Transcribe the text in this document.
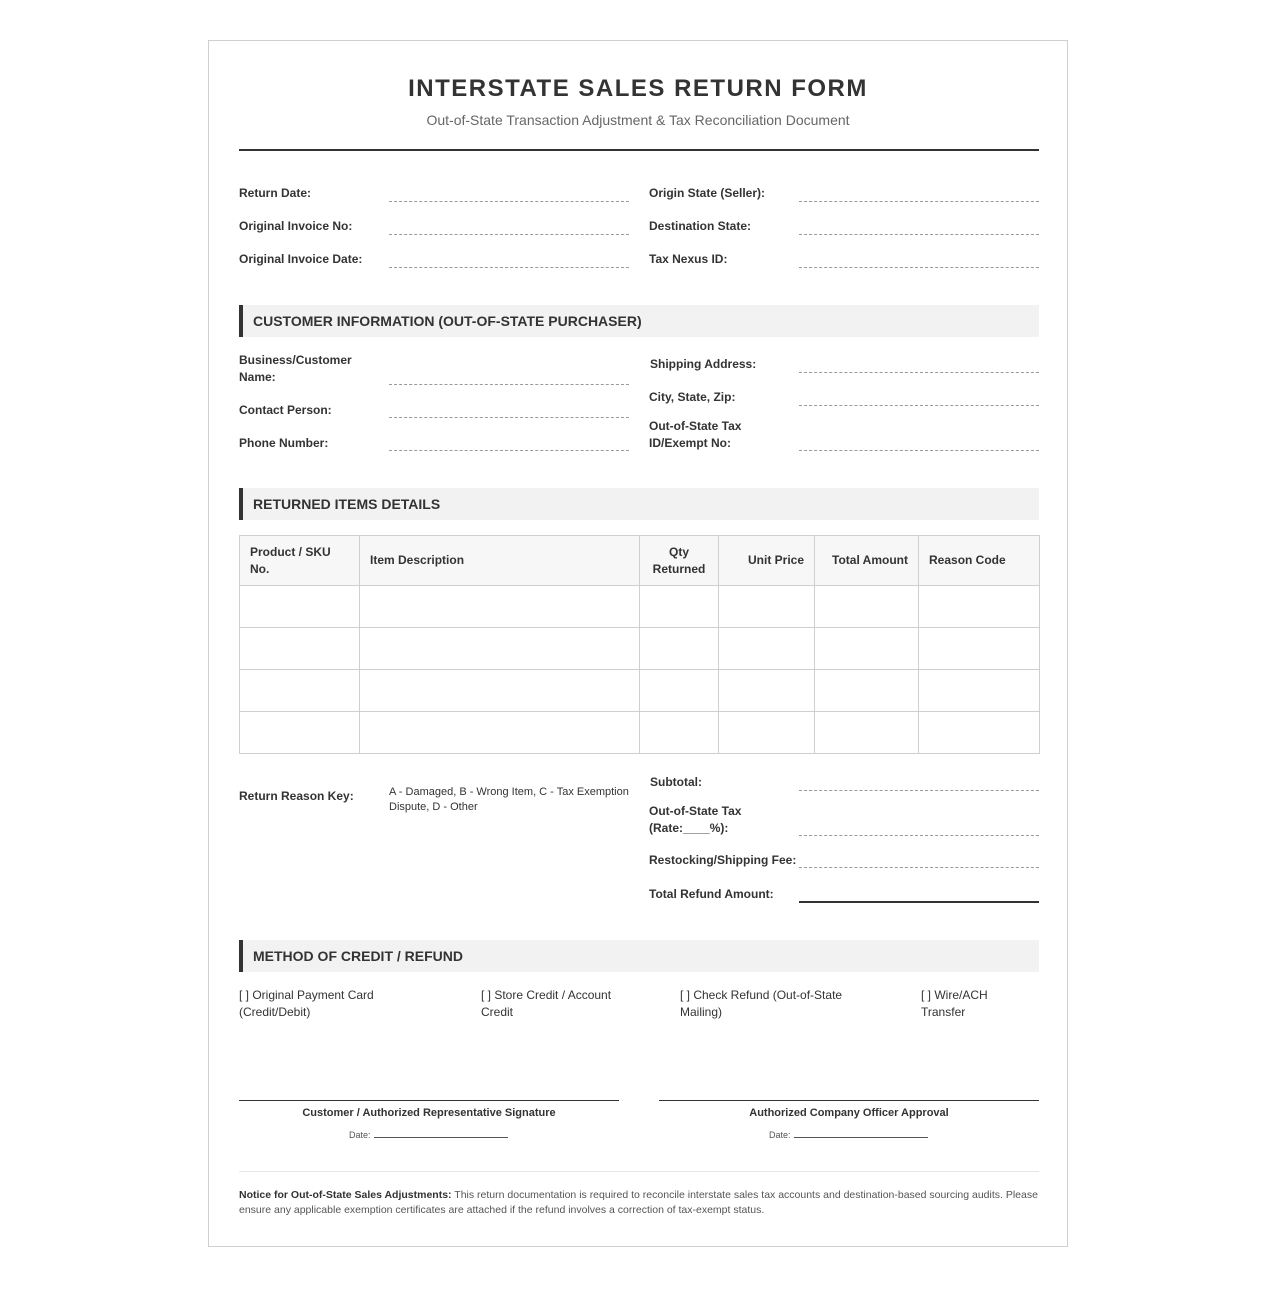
INTERSTATE SALES RETURN FORM
Out-of-State Transaction Adjustment & Tax Reconciliation Document
Return Date:
Original Invoice No:
Original Invoice Date:
Origin State (Seller):
Destination State:
Tax Nexus ID:
CUSTOMER INFORMATION (OUT-OF-STATE PURCHASER)
Business/Customer Name:
Contact Person:
Phone Number:
Shipping Address:
City, State, Zip:
Out-of-State Tax ID/Exempt No:
RETURNED ITEMS DETAILS
Product / SKU No.	Item Description	Qty Returned	Unit Price	Total Amount	Reason Code

Return Reason Key:	A - Damaged, B - Wrong Item, C - Tax Exemption Dispute, D - Other
Subtotal:
Out-of-State Tax (Rate:____%):
Restocking/Shipping Fee:
Total Refund Amount:
METHOD OF CREDIT / REFUND
[ ] Original Payment Card (Credit/Debit)
[ ] Store Credit / Account Credit
[ ] Check Refund (Out-of-State Mailing)
[ ] Wire/ACH Transfer
Customer / Authorized Representative Signature
Date:
Authorized Company Officer Approval
Date:
Notice for Out-of-State Sales Adjustments: This return documentation is required to reconcile interstate sales tax accounts and destination-based sourcing audits. Please ensure any applicable exemption certificates are attached if the refund involves a correction of tax-exempt status.
